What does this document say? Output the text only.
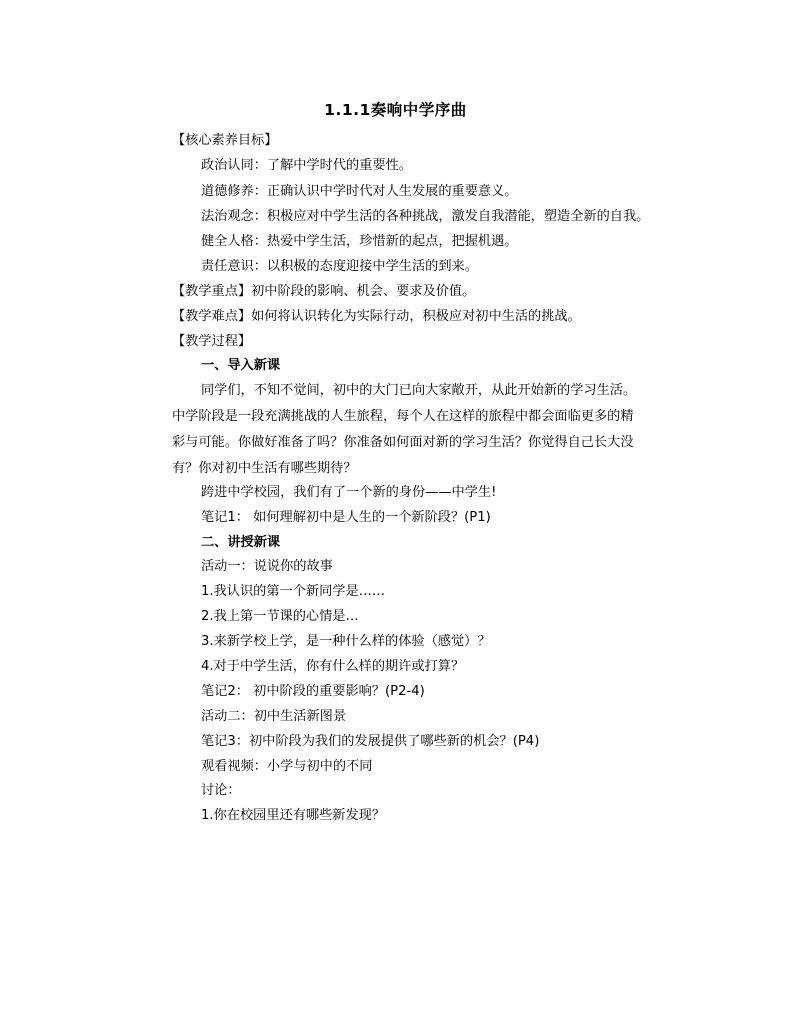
1.1.1奏响中学序曲
【核心素养目标】
政治认同：了解中学时代的重要性。
道德修养：正确认识中学时代对人生发展的重要意义。
法治观念：积极应对中学生活的各种挑战，激发自我潜能，塑造全新的自我。
健全人格：热爱中学生活，珍惜新的起点，把握机遇。
责任意识：以积极的态度迎接中学生活的到来。
【教学重点】初中阶段的影响、机会、要求及价值。
【教学难点】如何将认识转化为实际行动，积极应对初中生活的挑战。
【教学过程】
一、导入新课
同学们，不知不觉间，初中的大门已向大家敞开，从此开始新的学习生活。
中学阶段是一段充满挑战的人生旅程，每个人在这样的旅程中都会面临更多的精
彩与可能。你做好准备了吗？你准备如何面对新的学习生活？你觉得自己长大没
有？你对初中生活有哪些期待？
跨进中学校园，我们有了一个新的身份——中学生!
笔记1： 如何理解初中是人生的一个新阶段？(P1)
二、讲授新课
活动一：说说你的故事
1.我认识的第一个新同学是……
2.我上第一节课的心情是…
3.来新学校上学，是一种什么样的体验（感觉）？
4.对于中学生活，你有什么样的期许或打算？
笔记2： 初中阶段的重要影响？(P2-4)
活动二：初中生活新图景
笔记3：初中阶段为我们的发展提供了哪些新的机会？(P4)
观看视频：小学与初中的不同
讨论：
1.你在校园里还有哪些新发现？
